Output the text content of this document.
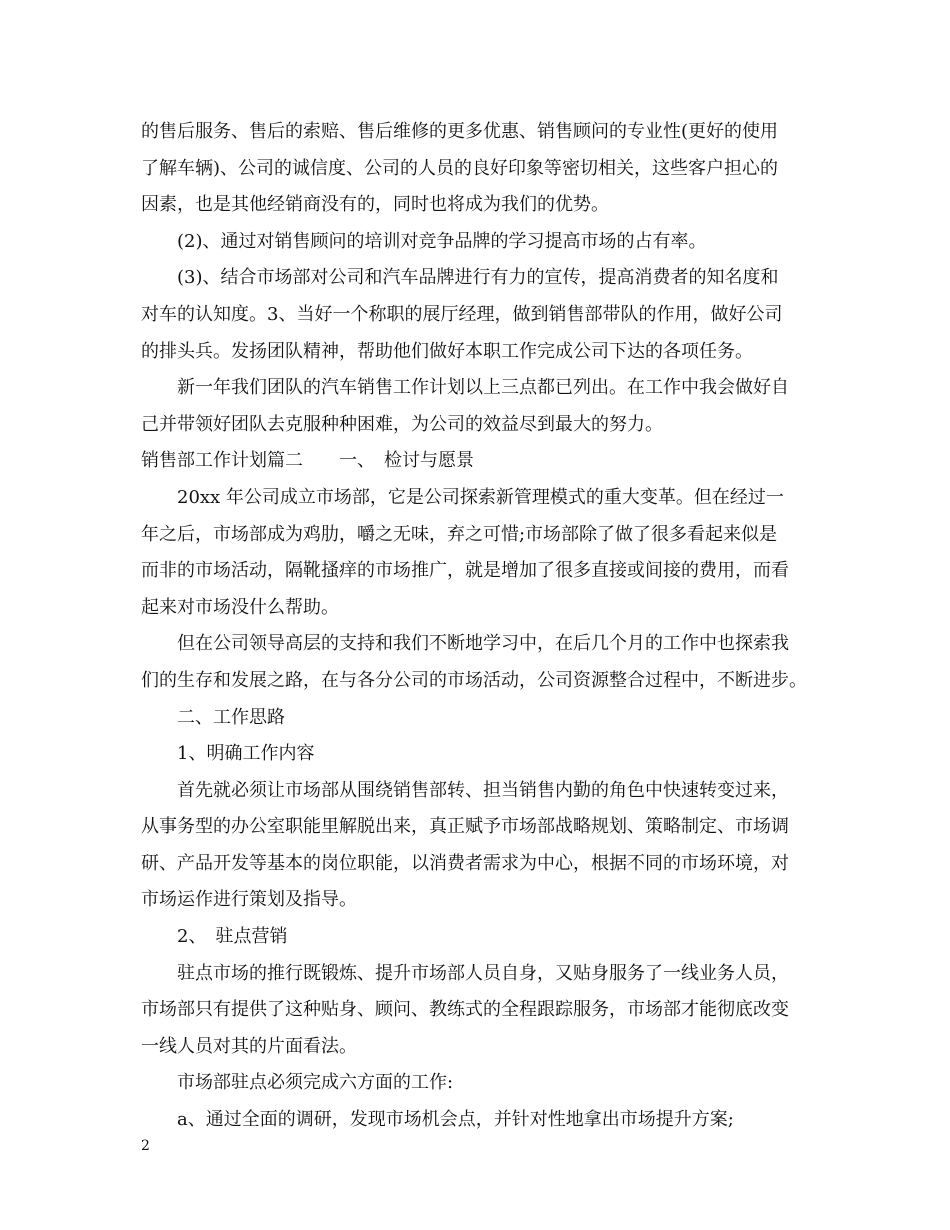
的售后服务、售后的索赔、售后维修的更多优惠、销售顾问的专业性(更好的使用
了解车辆)、公司的诚信度、公司的人员的良好印象等密切相关，这些客户担心的
因素，也是其他经销商没有的，同时也将成为我们的优势。
(2)、通过对销售顾问的培训对竞争品牌的学习提高市场的占有率。
(3)、结合市场部对公司和汽车品牌进行有力的宣传，提高消费者的知名度和
对车的认知度。3、当好一个称职的展厅经理，做到销售部带队的作用，做好公司
的排头兵。发扬团队精神，帮助他们做好本职工作完成公司下达的各项任务。
新一年我们团队的汽车销售工作计划以上三点都已列出。在工作中我会做好自
己并带领好团队去克服种种困难，为公司的效益尽到最大的努力。
销售部工作计划篇二　　一、　检讨与愿景
20xx 年公司成立市场部，它是公司探索新管理模式的重大变革。但在经过一
年之后，市场部成为鸡肋，嚼之无味，弃之可惜;市场部除了做了很多看起来似是
而非的市场活动，隔靴搔痒的市场推广，就是增加了很多直接或间接的费用，而看
起来对市场没什么帮助。
但在公司领导高层的支持和我们不断地学习中，在后几个月的工作中也探索我
们的生存和发展之路，在与各分公司的市场活动，公司资源整合过程中，不断进步。
二、工作思路
1、明确工作内容
首先就必须让市场部从围绕销售部转、担当销售内勤的角色中快速转变过来，
从事务型的办公室职能里解脱出来，真正赋予市场部战略规划、策略制定、市场调
研、产品开发等基本的岗位职能，以消费者需求为中心，根据不同的市场环境，对
市场运作进行策划及指导。
2、　驻点营销
驻点市场的推行既锻炼、提升市场部人员自身，又贴身服务了一线业务人员，
市场部只有提供了这种贴身、顾问、教练式的全程跟踪服务，市场部才能彻底改变
一线人员对其的片面看法。
市场部驻点必须完成六方面的工作:
a、通过全面的调研，发现市场机会点，并针对性地拿出市场提升方案;
2
